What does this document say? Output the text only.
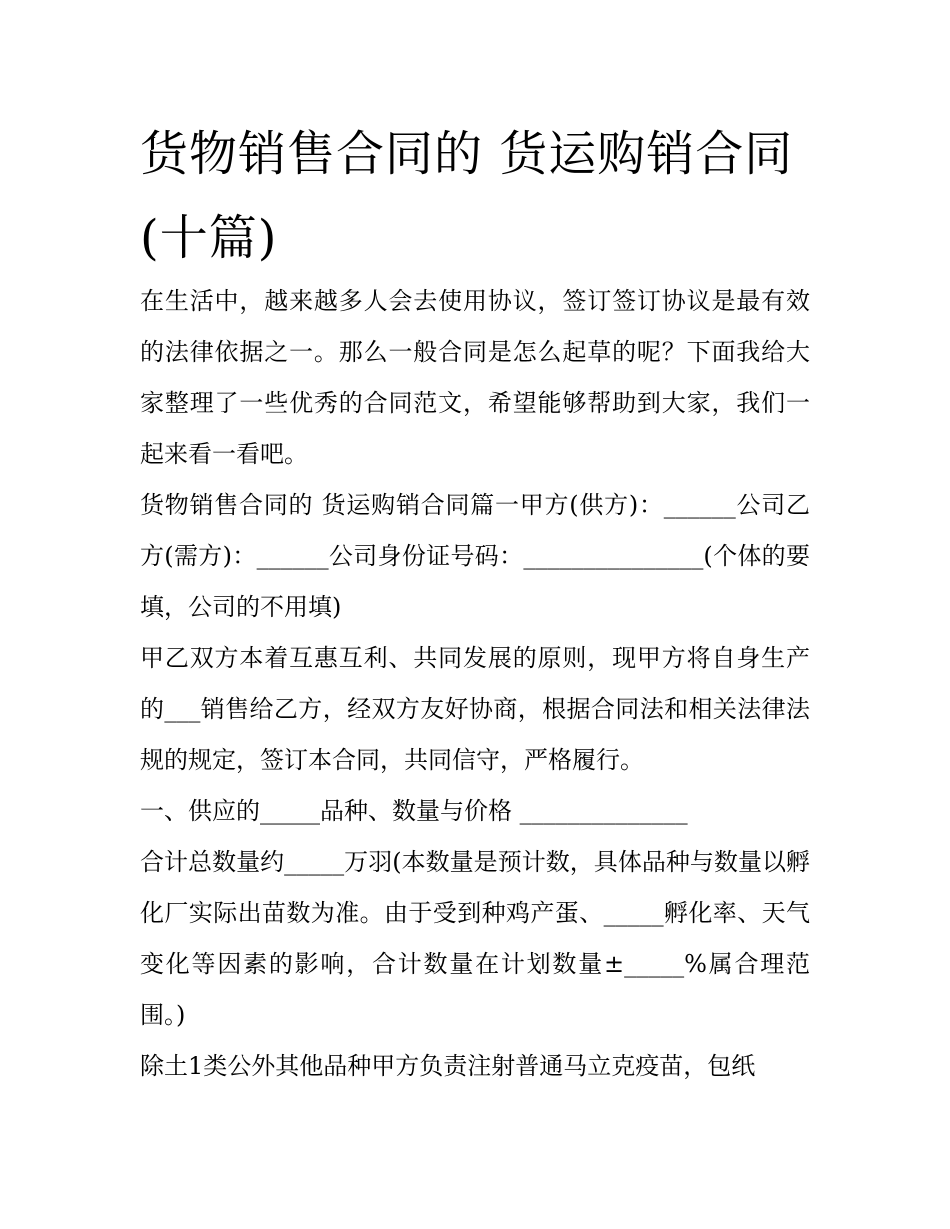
货物销售合同的 货运购销合同(十篇)

在生活中，越来越多人会去使用协议，签订签订协议是最有效的法律依据之一。那么一般合同是怎么起草的呢？下面我给大家整理了一些优秀的合同范文，希望能够帮助到大家，我们一起来看一看吧。

货物销售合同的 货运购销合同篇一甲方(供方)：______公司乙方(需方)：______公司身份证号码：_______________(个体的要填，公司的不用填)

甲乙双方本着互惠互利、共同发展的原则，现甲方将自身生产的___销售给乙方，经双方友好协商，根据合同法和相关法律法规的规定，签订本合同，共同信守，严格履行。

一、供应的_____品种、数量与价格 ______________

合计总数量约_____万羽(本数量是预计数，具体品种与数量以孵化厂实际出苗数为准。由于受到种鸡产蛋、_____孵化率、天气变化等因素的影响，合计数量在计划数量±_____%属合理范围。)

除土1类公外其他品种甲方负责注射普通马立克疫苗，包纸
